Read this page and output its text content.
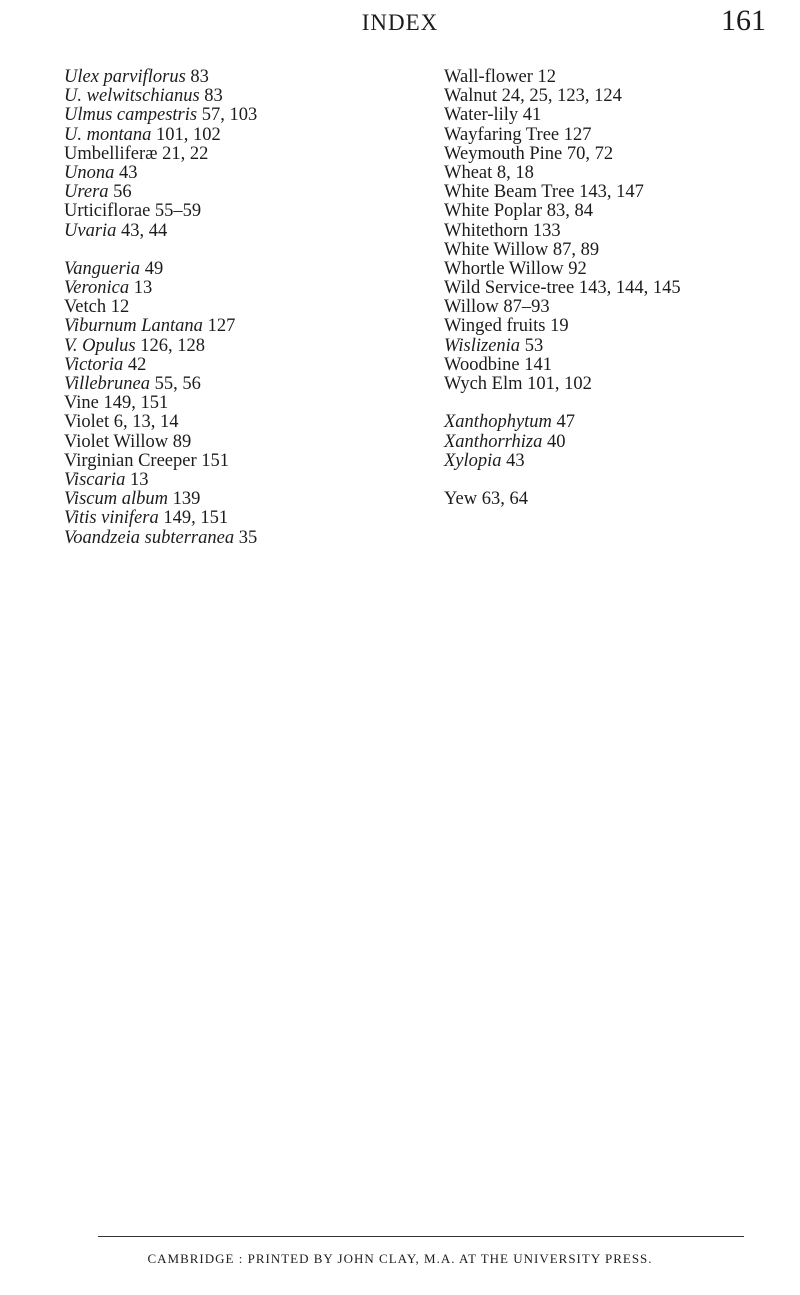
INDEX	161
Ulex parviflorus 83
U. welwitschianus 83
Ulmus campestris 57, 103
U. montana 101, 102
Umbelliferæ 21, 22
Unona 43
Urera 56
Urticiflorae 55–59
Uvaria 43, 44
Vangueria 49
Veronica 13
Vetch 12
Viburnum Lantana 127
V. Opulus 126, 128
Victoria 42
Villebrunea 55, 56
Vine 149, 151
Violet 6, 13, 14
Violet Willow 89
Virginian Creeper 151
Viscaria 13
Viscum album 139
Vitis vinifera 149, 151
Voandzeia subterranea 35
Wall-flower 12
Walnut 24, 25, 123, 124
Water-lily 41
Wayfaring Tree 127
Weymouth Pine 70, 72
Wheat 8, 18
White Beam Tree 143, 147
White Poplar 83, 84
Whitethorn 133
White Willow 87, 89
Whortle Willow 92
Wild Service-tree 143, 144, 145
Willow 87–93
Winged fruits 19
Wislizenia 53
Woodbine 141
Wych Elm 101, 102
Xanthophytum 47
Xanthorrhiza 40
Xylopia 43
Yew 63, 64
CAMBRIDGE : PRINTED BY JOHN CLAY, M.A. AT THE UNIVERSITY PRESS.
